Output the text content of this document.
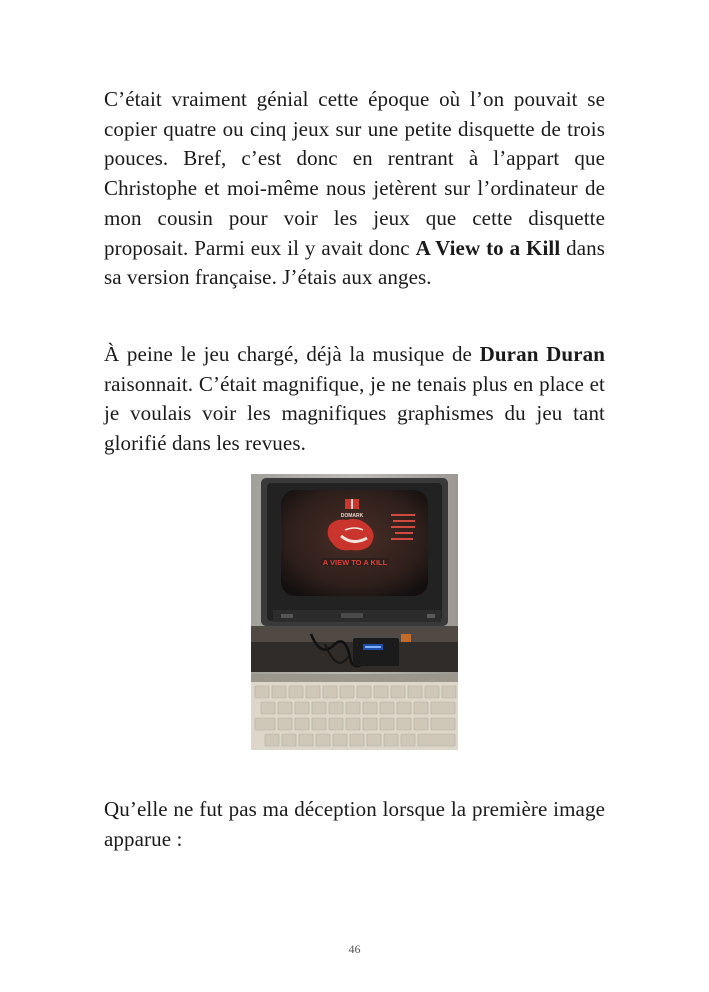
C’était vraiment génial cette époque où l’on pouvait se copier quatre ou cinq jeux sur une petite disquette de trois pouces. Bref, c’est donc en rentrant à l’appart que Christophe et moi-même nous jetèrent sur l’ordinateur de mon cousin pour voir les jeux que cette disquette proposait. Parmi eux il y avait donc A View to a Kill dans sa version française. J’étais aux anges.

À peine le jeu chargé, déjà la musique de Duran Duran raisonnait. C’était magnifique, je ne tenais plus en place et je voulais voir les magnifiques graphismes du jeu tant glorifié dans les revues.

DOMARK
A VIEW TO A KILL

Qu’elle ne fut pas ma déception lorsque la première image apparue :

46
